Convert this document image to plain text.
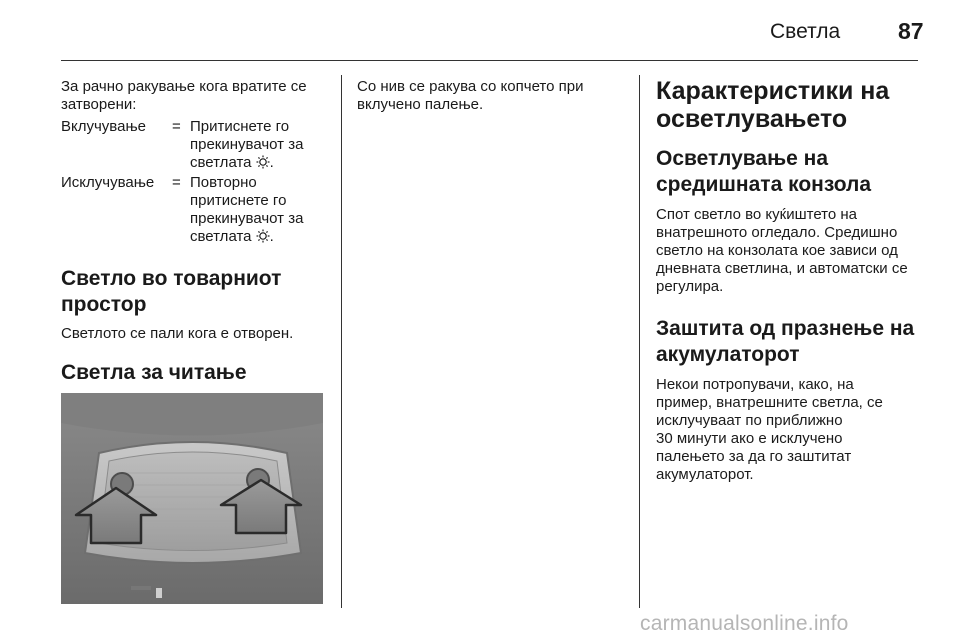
Светла	87

За рачно ракување кога вратите се затворени:

Вклучување	= Притиснете го прекинувачот за светлата .
Исклучување	= Повторно притиснете го прекинувачот за светлата .
Светло во товарниот простор

Светлото се пали кога е отворен.

Светла за читање

Со нив се ракува со копчето при вклучено палење.	Карактеристики на осветлувањето
Осветлување на средишната конзола

Спот светло во куќиштето на внатрешното огледало. Средишно светло на конзолата кое зависи од дневната светлина, и автоматски се регулира.

Заштита од празнење на акумулаторот

Некои потропувачи, како, на

пример, внатрешните светла, се

исклучуваат по приближно

30 минути ако е исклучено

палењето за да го заштитат

акумулаторот.

carmanualsonline.info
